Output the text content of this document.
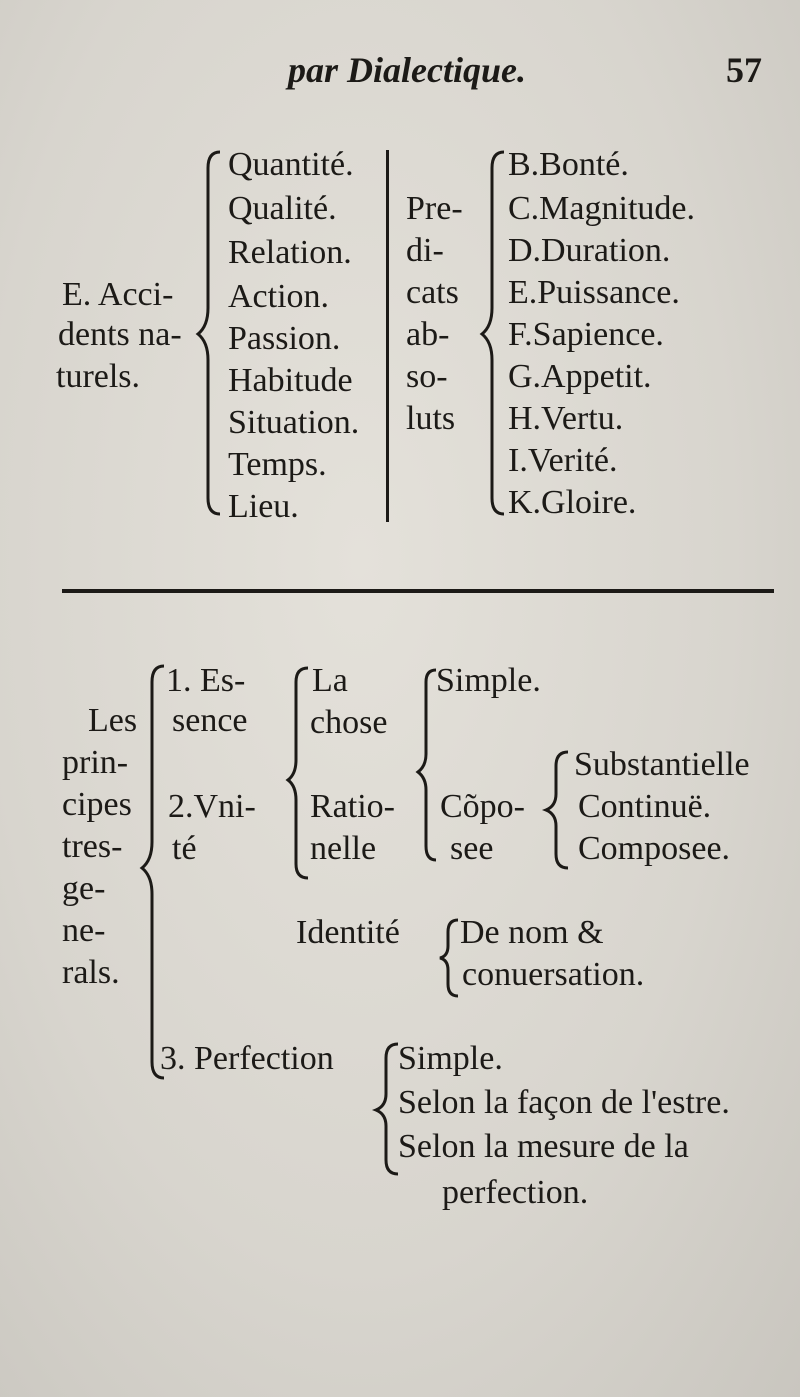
par Dialectique.	57
E. Acci-
dents na-
turels.
Quantité.
Qualité.
Relation.
Action.
Passion.
Habitude
Situation.
Temps.
Lieu.
Pre-
di-
cats
ab-
so-
luts
B.Bonté.
C.Magnitude.
D.Duration.
E.Puissance.
F.Sapience.
G.Appetit.
H.Vertu.
I.Verité.
K.Gloire.
Les
prin-
cipes
tres-
ge-
ne-
rals.
1. Es-
sence
2.Vni-
té
La
chose
Ratio-
nelle
Simple.
Cõpo-
see
Substantielle
Continuë.
Composee.
Identité De nom &
conuersation.
3. Perfection Simple.
Selon la façon de l'estre.
Selon la mesure de la
perfection.
